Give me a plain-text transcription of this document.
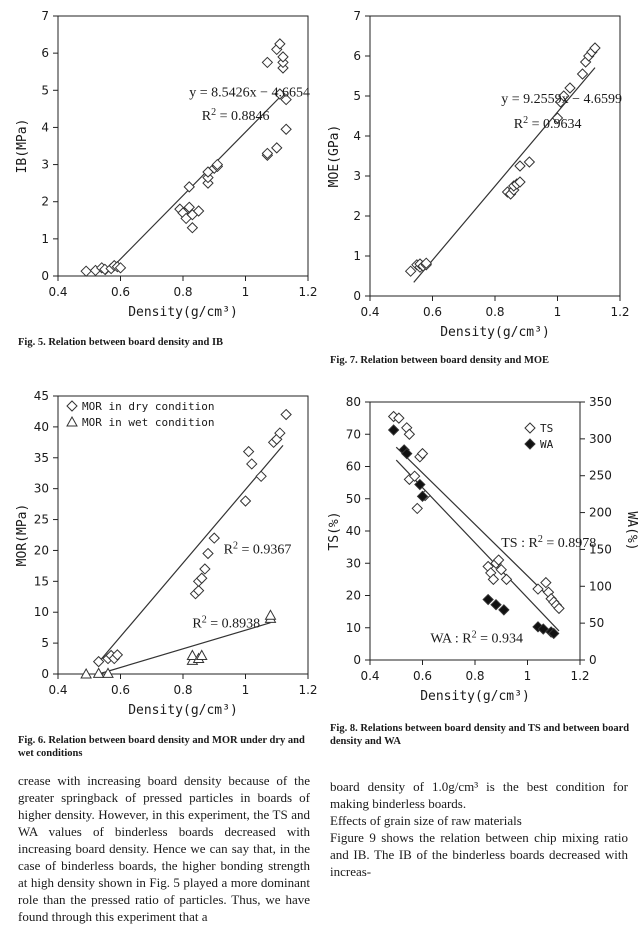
0.4	0.6	0.8	1	1.2
0
1
2
3
4
5
6
7
Density(g/cm³)
IB(MPa)
y = 8.5426x − 4.6654
$R^2 = 0.8846$
Fig. 5. Relation between board density and IB
0.4	0.6	0.8	1	1.2
0
1
2
3
4
5
6
7
Density(g/cm³)
MOE(GPa)
y = 9.2559x − 4.6599
$R^2 = 0.9634$
Fig. 7. Relation between board density and MOE
0.4	0.6	0.8	1	1.2
0
5
10
15
20
25
30
35
40
45
Density(g/cm³)
MOR(MPa)
MOR in dry condition
MOR in wet condition
$R^2 = 0.9367$
$R^2 = 0.8938$
Fig. 6. Relation between board density and MOR under dry and wet conditions
0.4	0.6	0.8	1	1.2
0
10
20
30
40
50
60
70
80
0
50
100
150
200
250
300
350
Density(g/cm³)
TS(%)	WA(%)
TS
WA
TS : $R^2 = 0.8978$
WA : $R^2 = 0.934$
Fig. 8. Relations between board density and TS and between board density and WA

crease with increasing board density because of the greater springback of pressed particles in boards of higher density. However, in this experiment, the TS and WA values of binderless boards decreased with increasing board density. Hence we can say that, in the case of binderless boards, the higher bonding strength at high density shown in Fig. 5 played a more dominant role than the pressed ratio of particles. Thus, we have found through this experiment that a

board density of 1.0g/cm³ is the best condition for making binderless boards.

Effects of grain size of raw materials

Figure 9 shows the relation between chip mixing ratio and IB. The IB of the binderless boards decreased with increas-
